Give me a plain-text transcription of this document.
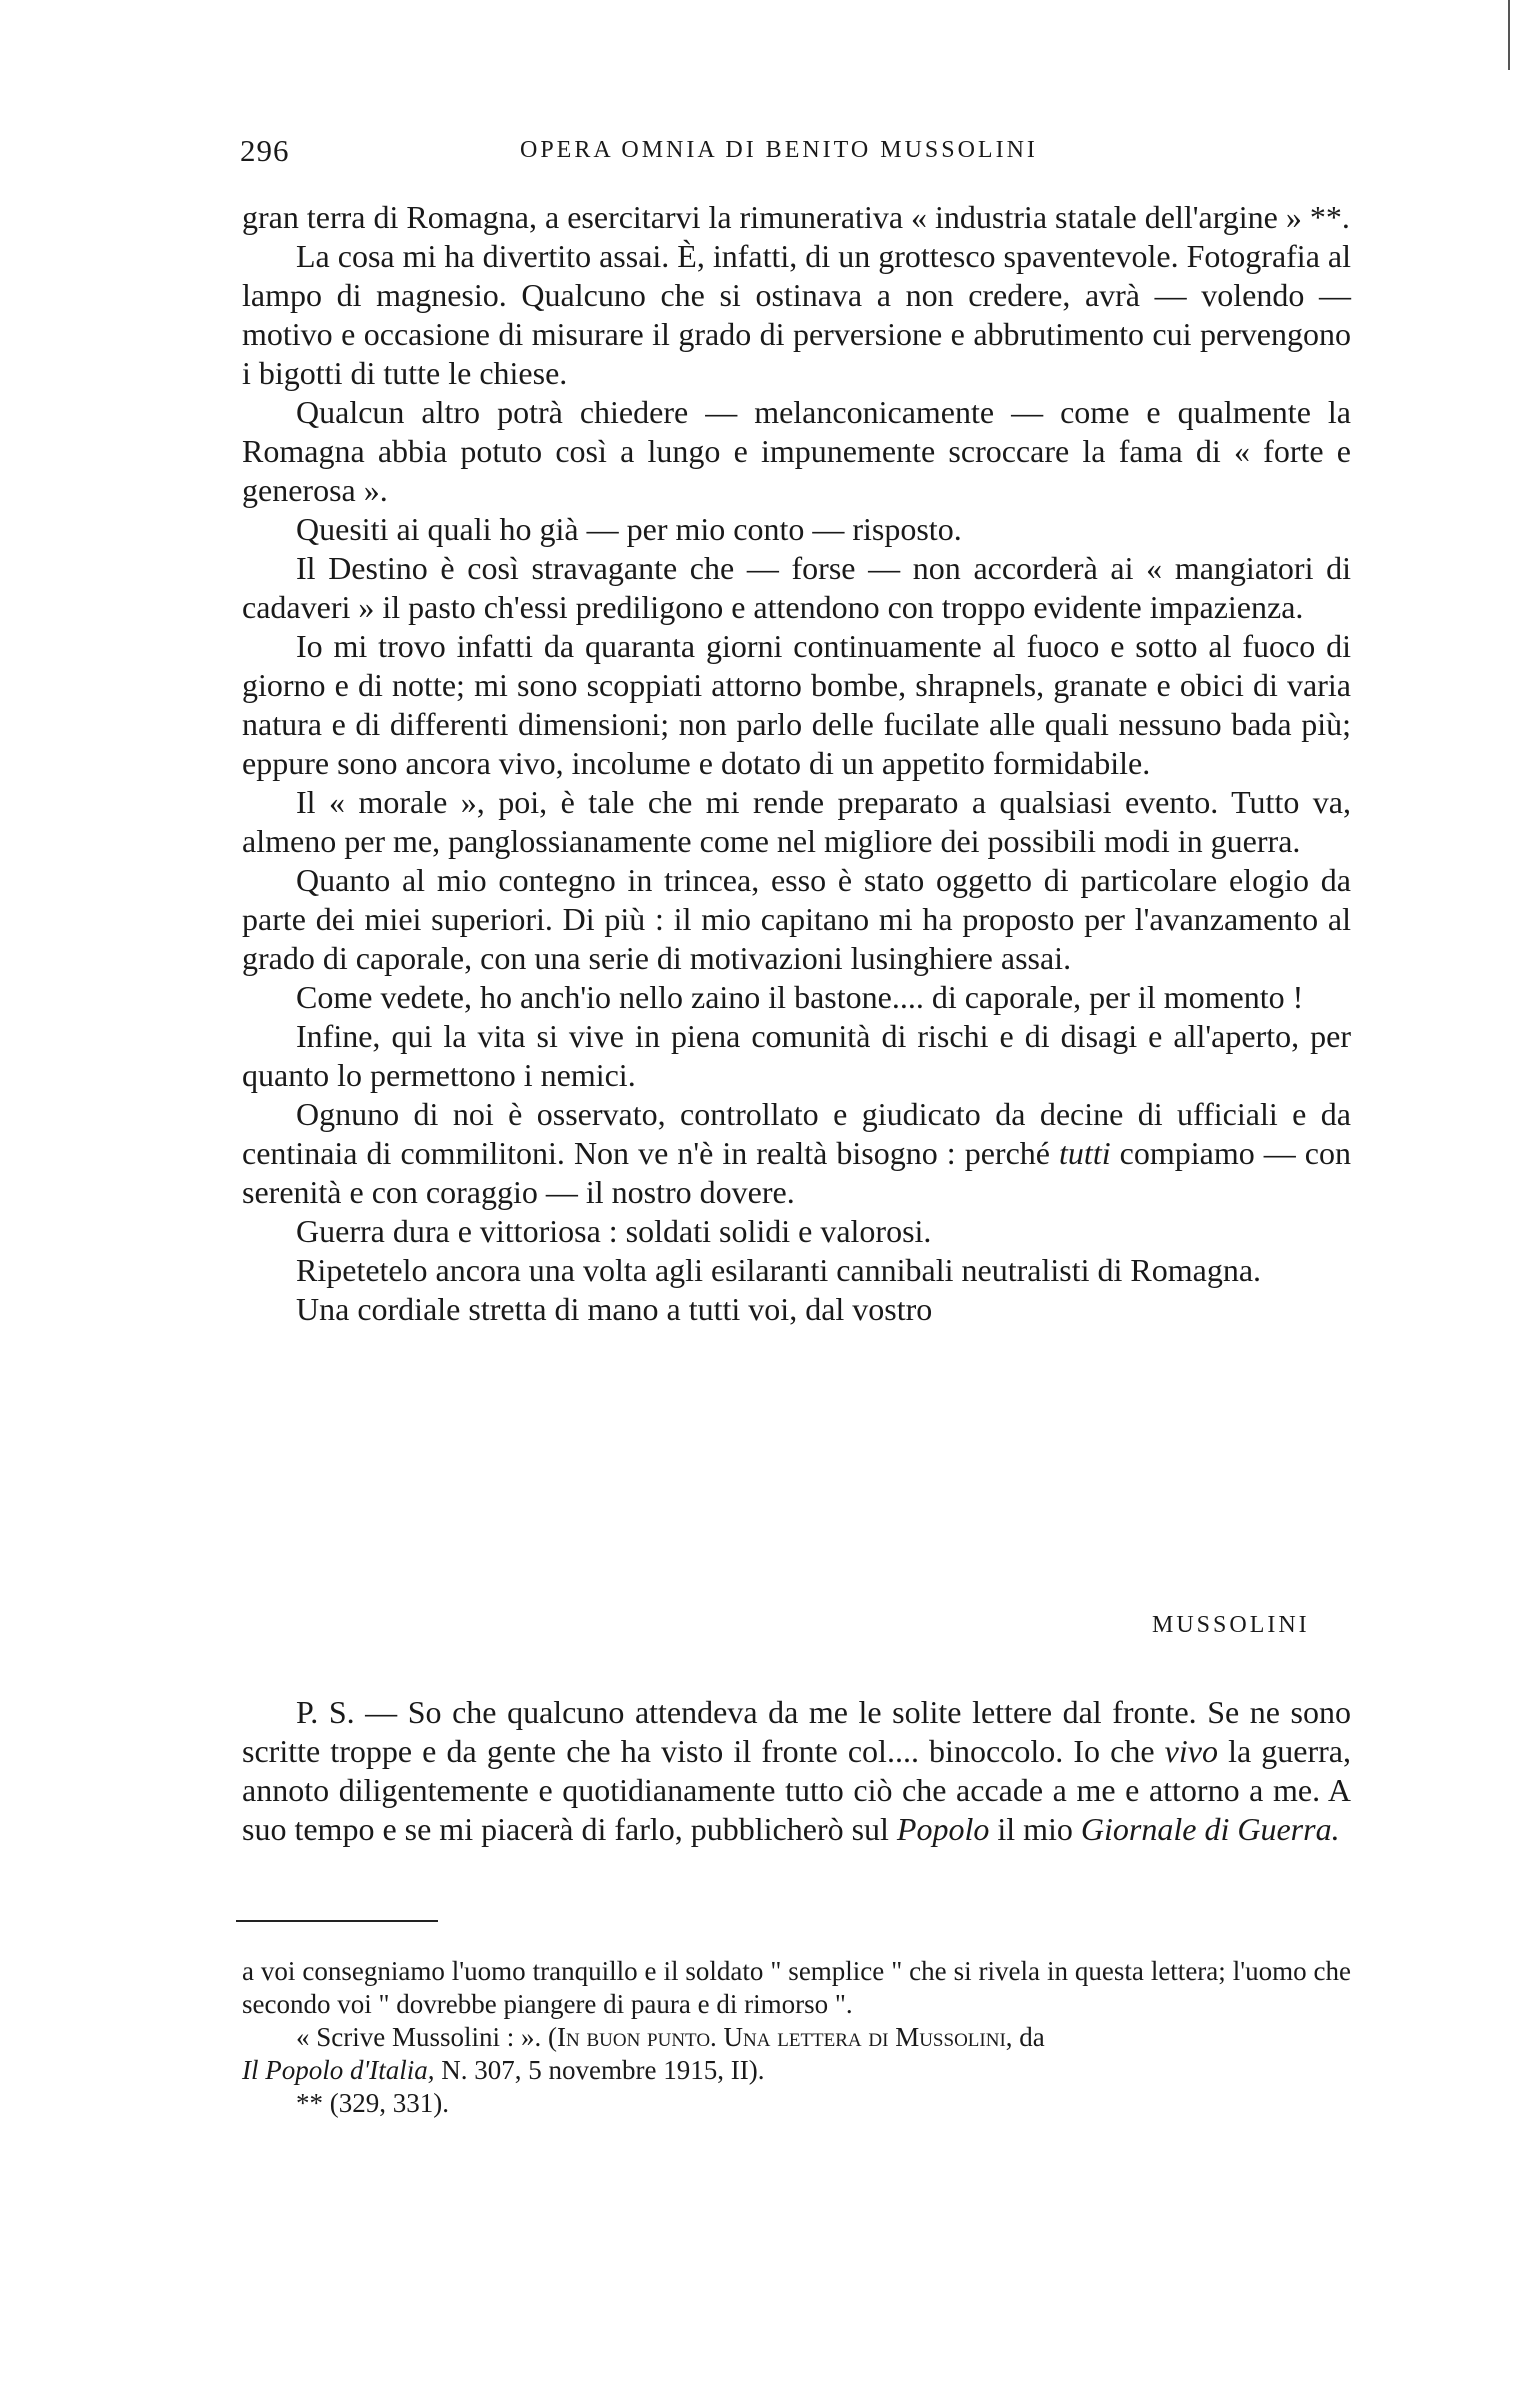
296	OPERA OMNIA DI BENITO MUSSOLINI

gran terra di Romagna, a esercitarvi la rimunerativa « industria statale dell'argine » **.

La cosa mi ha divertito assai. È, infatti, di un grottesco spaventevole. Fotografia al lampo di magnesio. Qualcuno che si ostinava a non credere, avrà — volendo — motivo e occasione di misurare il grado di perversione e abbrutimento cui pervengono i bigotti di tutte le chiese.

Qualcun altro potrà chiedere — melanconicamente — come e qualmente la Romagna abbia potuto così a lungo e impunemente scroccare la fama di « forte e generosa ».

Quesiti ai quali ho già — per mio conto — risposto.

Il Destino è così stravagante che — forse — non accorderà ai « mangiatori di cadaveri » il pasto ch'essi prediligono e attendono con troppo evidente impazienza.

Io mi trovo infatti da quaranta giorni continuamente al fuoco e sotto al fuoco di giorno e di notte; mi sono scoppiati attorno bombe, shrapnels, granate e obici di varia natura e di differenti dimensioni; non parlo delle fucilate alle quali nessuno bada più; eppure sono ancora vivo, incolume e dotato di un appetito formidabile.

Il « morale », poi, è tale che mi rende preparato a qualsiasi evento. Tutto va, almeno per me, panglossianamente come nel migliore dei possibili modi in guerra.

Quanto al mio contegno in trincea, esso è stato oggetto di particolare elogio da parte dei miei superiori. Di più : il mio capitano mi ha proposto per l'avanzamento al grado di caporale, con una serie di motivazioni lusinghiere assai.

Come vedete, ho anch'io nello zaino il bastone.... di caporale, per il momento !

Infine, qui la vita si vive in piena comunità di rischi e di disagi e all'aperto, per quanto lo permettono i nemici.

Ognuno di noi è osservato, controllato e giudicato da decine di ufficiali e da centinaia di commilitoni. Non ve n'è in realtà bisogno : perché tutti compiamo — con serenità e con coraggio — il nostro dovere.

Guerra dura e vittoriosa : soldati solidi e valorosi.

Ripetetelo ancora una volta agli esilaranti cannibali neutralisti di Romagna.

Una cordiale stretta di mano a tutti voi, dal vostro

MUSSOLINI

P. S. — So che qualcuno attendeva da me le solite lettere dal fronte. Se ne sono scritte troppe e da gente che ha visto il fronte col.... binoccolo. Io che vivo la guerra, annoto diligentemente e quotidianamente tutto ciò che accade a me e attorno a me. A suo tempo e se mi piacerà di farlo, pubblicherò sul Popolo il mio Giornale di Guerra.

a voi consegniamo l'uomo tranquillo e il soldato " semplice " che si rivela in questa lettera; l'uomo che secondo voi " dovrebbe piangere di paura e di rimorso ".

« Scrive Mussolini : ». (In buon punto. Una lettera di Mussolini, da
Il Popolo d'Italia, N. 307, 5 novembre 1915, II).

** (329, 331).
